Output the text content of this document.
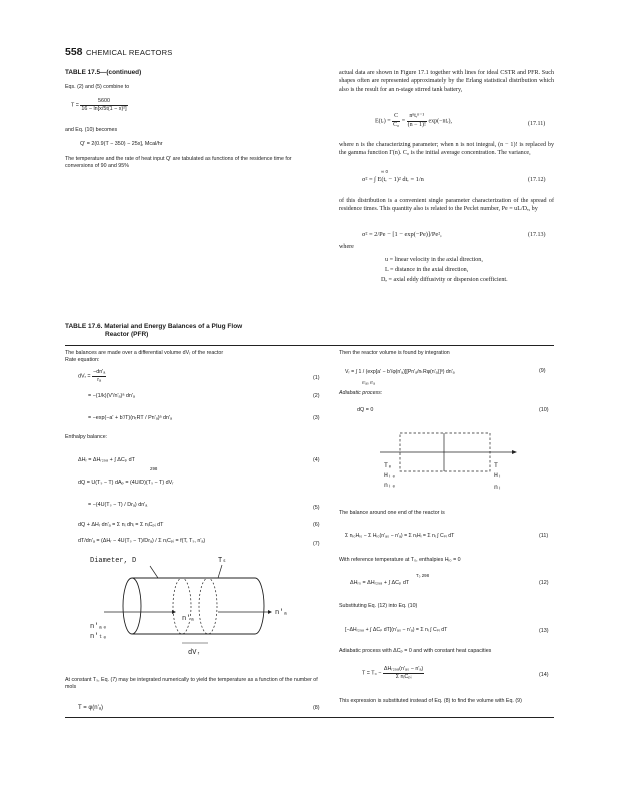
558 CHEMICAL REACTORS
TABLE 17.5—(continued)
Eqs. (2) and (5) combine to
$T = \frac{5600}{\text{16 − ln[x/5t(1 − x)²]}}$
and Eq. (10) becomes
Q' = 2(0.9(T − 350) − 25x], Mcal/hr
The temperature and the rate of heat input Q' are tabulated as functions of the residence time for conversions of 90 and 95%
actual data are shown in Figure 17.1 together with lines for ideal CSTR and PFR. Such shapes often are represented approximately by the Erlang statistical distribution which also is the result for an n-stage stirred tank battery,
E(tᵣ) = $\frac{C}{\text{C₀}} = \frac{\text{nⁿtᵣⁿ⁻¹}}{(n - 1)!}$ exp(−ntᵣ),	(17.11)
where n is the characterizing parameter; when n is not integral, (n − 1)! is replaced by the gamma function Γ(n). C₀ is the initial average concentration. The variance,
σ² = ∫ E(tᵣ − 1)² dtᵣ = 1/n
∞ 0
(17.12)
of this distribution is a convenient single parameter characterization of the spread of residence times. This quantity also is related to the Peclet number, Pe = uL/Dₑ, by
σ² = 2/Pe − [1 − exp(−Pe)]/Pe²,	(17.13)
where
u = linear velocity in the axial direction,
L = distance in the axial direction,
Dₑ = axial eddy diffusivity or dispersion coefficient.
TABLE 17.6. Material and Energy Balances of a Plug Flow
Reactor (PFR)
The balances are made over a differential volume dVᵣ of the reactor
Rate equation:
dVᵣ = $\frac{\text{−dn'ₐ}}{\text{rₐ}}$	(1)
= −(1/k)(V'/n'ₐ)ᵃ dn'ₐ	(2)
= −exp(−a' + b'/T)(nₜRT / Pn'ₐ)ᵃ dn'ₐ	(3)
Enthalpy balance:
ΔHᵣ = ΔHᵣ₂₉₈ + ∫ ΔCₚ dT
298
(4)
dQ = U(Tₛ − T) dAₚ = (4U/D)(Tₛ − T) dVᵣ
= −(4U(Tₛ − T) / Drₐ) dn'ₐ	(5)
dQ + ΔHᵣ dn'ₐ = Σ nᵢ dhᵢ = Σ nᵢCₚᵢ dT	(6)
dT/dn'ₐ = (ΔHᵣ − 4U(Tₛ − T)/Drₐ) / Σ nᵢCₚᵢ = f(T, Tₛ, n'ₐ)	(7)
Diameter, D	Tₛ
n'ₐ
n'ₐ₀
n'ₜ₀
n'ₐ
dVᵣ
At constant Tₛ, Eq. (7) may be integrated numerically to yield the temperature as a function of the number of mols
T = φ(n'ₐ)	(8)
Then the reactor volume is found by integration
Vᵣ = ∫ 1 / (exp[a' − b'/φ(n'ₐ)][Pn'ₐ/nₜRφ(n'ₐ)]ᵃ) dn'ₐ
n'ₐ₀ n'ₐ
(9)
Adiabatic process:
dQ = 0	(10)
T₀
Hᵢ₀
nᵢ₀
T
Hᵢ
nᵢ
The balance around one end of the reactor is
Σ nᵢ₀Hᵢ₀ − Σ Hᵢ₀(n'ₐ₀ − n'ₐ) = Σ nᵢHᵢ = Σ nᵢ ∫ Cₚᵢ dT	(11)
With reference temperature at T₀, enthalpies Hᵢ₀ = 0
ΔHᵣ₀ = ΔHᵣ₂₉₈ + ∫ ΔCₚ dT
T₀ 298
(12)
Substituting Eq. (12) into Eq. (10)
[−ΔHᵣ₂₉₈ + ∫ ΔCₚ dT](n'ₐ₀ − n'ₐ) = Σ nᵢ ∫ Cₚᵢ dT	(13)
Adiabatic process with ΔCₚ = 0 and with constant heat capacities
$T = T_0 - \frac{\text{ΔHᵣ₂₉₈(n'ₐ₀ − n'ₐ)}}{\text{Σ nᵢCₚᵢ}}$	(14)
This expression is substituted instead of Eq. (8) to find the volume with Eq. (9)
